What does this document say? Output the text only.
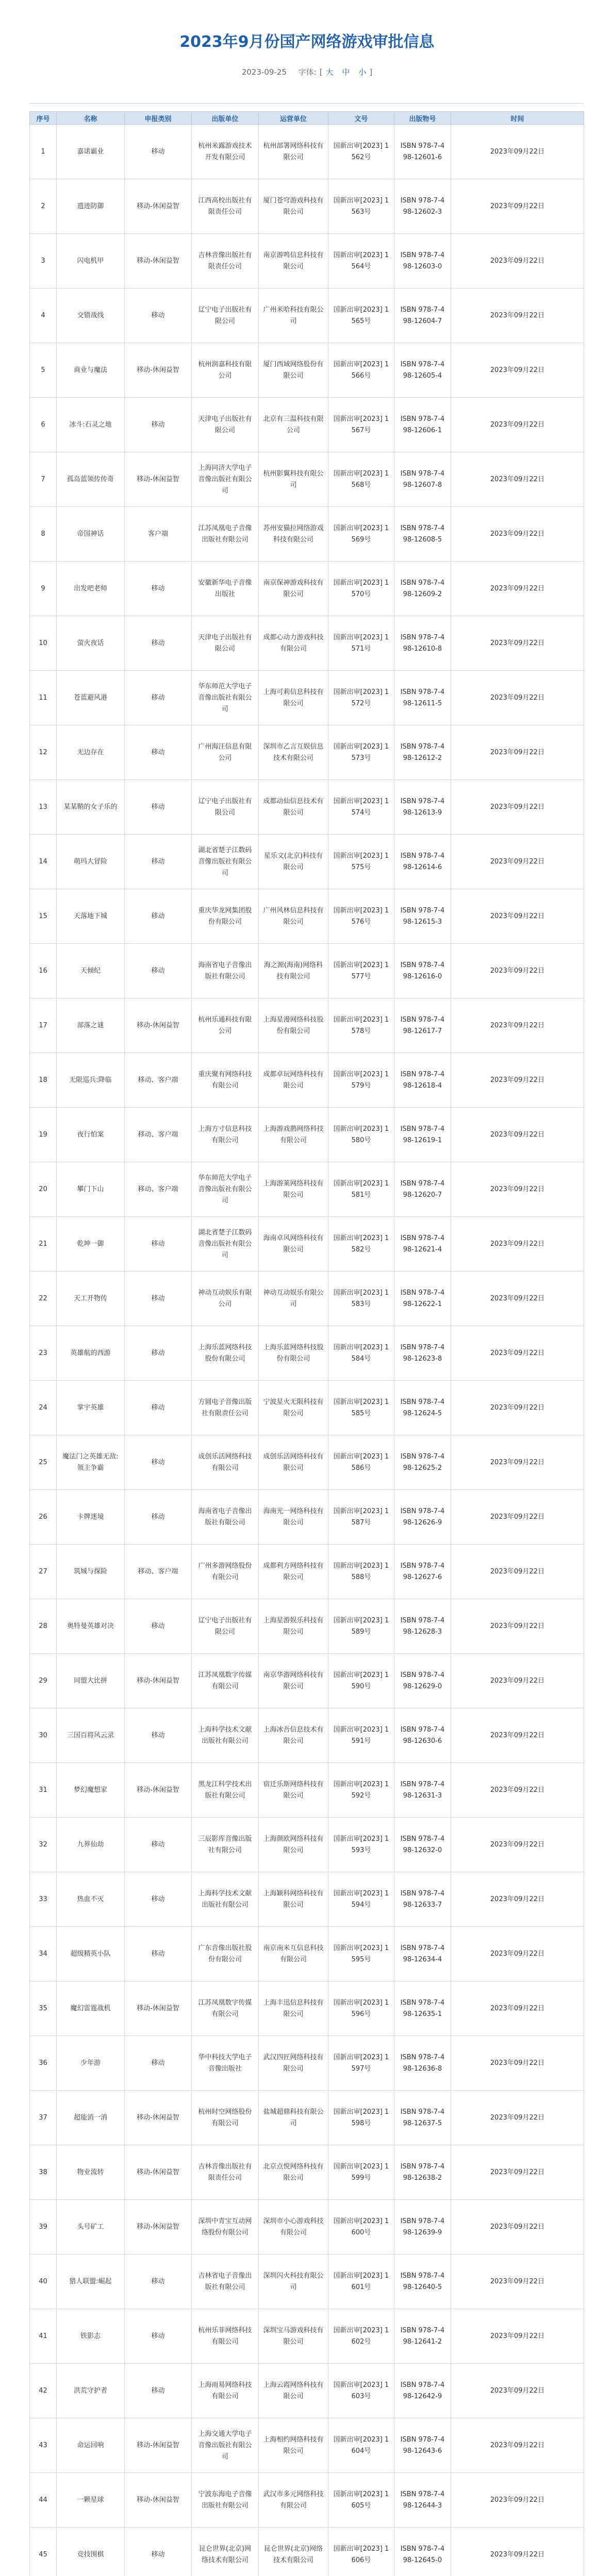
2023年9月份国产网络游戏审批信息
2023-09-25 字体: [ 大 中 小 ]
序号	名称	申报类别	出版单位	运营单位	文号	出版物号	时间
1	嘉诺霸业	移动	杭州米露游戏技术开发有限公司	杭州部署网络科技有限公司	国新出审[2023] 1562号	ISBN 978-7-498-12601-6	2023年09月22日
2	遗迹防御	移动-休闲益智	江西高校出版社有限责任公司	厦门苍穹游戏科技有限公司	国新出审[2023] 1563号	ISBN 978-7-498-12602-3	2023年09月22日
3	闪电机甲	移动-休闲益智	吉林音像出版社有限责任公司	南京游鸣信息科技有限公司	国新出审[2023] 1564号	ISBN 978-7-498-12603-0	2023年09月22日
4	交错战线	移动	辽宁电子出版社有限公司	广州米哈科技有限公司	国新出审[2023] 1565号	ISBN 978-7-498-12604-7	2023年09月22日
5	商业与魔法	移动-休闲益智	杭州润嘉科技有限公司	厦门西域网络股份有限公司	国新出审[2023] 1566号	ISBN 978-7-498-12605-4	2023年09月22日
6	冰斗:石灵之地	移动	天津电子出版社有限公司	北京有三温科技有限公司	国新出审[2023] 1567号	ISBN 978-7-498-12606-1	2023年09月22日
7	孤岛蓝领传传奇	移动-休闲益智	上海同济大学电子音像出版社有限公司	杭州影翼科技有限公司	国新出审[2023] 1568号	ISBN 978-7-498-12607-8	2023年09月22日
8	帝国神话	客户端	江苏凤凰电子音像出版社有限公司	苏州安猫拉网络游戏科技有限公司	国新出审[2023] 1569号	ISBN 978-7-498-12608-5	2023年09月22日
9	出发吧老师	移动	安徽新华电子音像出版社	南京保神游戏科技有限公司	国新出审[2023] 1570号	ISBN 978-7-498-12609-2	2023年09月22日
10	萤火夜话	移动	天津电子出版社有限公司	成都心动力游戏科技有限公司	国新出审[2023] 1571号	ISBN 978-7-498-12610-8	2023年09月22日
11	苍蓝避风港	移动	华东师范大学电子音像出版社有限公司	上海可莉信息科技有限公司	国新出审[2023] 1572号	ISBN 978-7-498-12611-5	2023年09月22日
12	无边存在	移动	广州海汪信息有限公司	深圳市乙言互娱信息技术有限公司	国新出审[2023] 1573号	ISBN 978-7-498-12612-2	2023年09月22日
13	某某鞘的女子乐的	移动	辽宁电子出版社有限公司	成都动仙信息技术有限公司	国新出审[2023] 1574号	ISBN 978-7-498-12613-9	2023年09月22日
14	萌玛大冒险	移动	湖北省楚子江数码音像出版社有限公司	星乐文(北京)科技有限公司	国新出审[2023] 1575号	ISBN 978-7-498-12614-6	2023年09月22日
15	天落地下城	移动	重庆华龙网集团股份有限公司	广州风林信息科技有限公司	国新出审[2023] 1576号	ISBN 978-7-498-12615-3	2023年09月22日
16	天倾纪	移动	海南省电子音像出版社有限公司	海之源(海南)网络科技有限公司	国新出审[2023] 1577号	ISBN 978-7-498-12616-0	2023年09月22日
17	部落之谜	移动-休闲益智	杭州乐通科技有限公司	上海星漫网络科技股份有限公司	国新出审[2023] 1578号	ISBN 978-7-498-12617-7	2023年09月22日
18	无限巡兵:降临	移动、客户端	重庆聚有网络科技有限公司	成都卓玩网络科技有限公司	国新出审[2023] 1579号	ISBN 978-7-498-12618-4	2023年09月22日
19	夜行怕案	移动、客户端	上海方寸信息科技有限公司	上海游戏鹊网络科技有限公司	国新出审[2023] 1580号	ISBN 978-7-498-12619-1	2023年09月22日
20	攀门下山	移动、客户端	华东师范大学电子音像出版社有限公司	上海游莱网络科技有限公司	国新出审[2023] 1581号	ISBN 978-7-498-12620-7	2023年09月22日
21	乾坤一御	移动	湖北省楚子江数码音像出版社有限公司	海南卓风网络科技有限公司	国新出审[2023] 1582号	ISBN 978-7-498-12621-4	2023年09月22日
22	天工开物传	移动	神动互动娱乐有限公司	神动互动娱乐有限公司	国新出审[2023] 1583号	ISBN 978-7-498-12622-1	2023年09月22日
23	英雄航的西游	移动	上海乐蓝网络科技股份有限公司	上海乐蓝网络科技股份有限公司	国新出审[2023] 1584号	ISBN 978-7-498-12623-8	2023年09月22日
24	掌宇英雄	移动	方圆电子音像出版社有限责任公司	宁波星火无限科技有限公司	国新出审[2023] 1585号	ISBN 978-7-498-12624-5	2023年09月22日
25	魔法门之英雄无敌:领主争霸	移动	成创乐活网络科技有限公司	成创乐活网络科技有限公司	国新出审[2023] 1586号	ISBN 978-7-498-12625-2	2023年09月22日
26	卡牌迷境	移动	海南省电子音像出版社有限公司	海南光一网络科技有限公司	国新出审[2023] 1587号	ISBN 978-7-498-12626-9	2023年09月22日
27	筑城与探险	移动、客户端	广州多游网络股份有限公司	成都利方网络科技有限公司	国新出审[2023] 1588号	ISBN 978-7-498-12627-6	2023年09月22日
28	奥特曼英雄对决	移动	辽宁电子出版社有限公司	上海星游娱乐科技有限公司	国新出审[2023] 1589号	ISBN 978-7-498-12628-3	2023年09月22日
29	同盟大比拼	移动-休闲益智	江苏凤凰数字传媒有限公司	南京华游网络科技有限公司	国新出审[2023] 1590号	ISBN 978-7-498-12629-0	2023年09月22日
30	三国百将风云录	移动	上海科学技术文献出版社有限公司	上海冰吾信息技术有限公司	国新出审[2023] 1591号	ISBN 978-7-498-12630-6	2023年09月22日
31	梦幻魔想家	移动-休闲益智	黑龙江科学技术出版社有限公司	宿迁乐斯网络科技有限公司	国新出审[2023] 1592号	ISBN 978-7-498-12631-3	2023年09月22日
32	九界仙劫	移动	三辰影库音像出版社有限公司	上海颜欧网络科技有限公司	国新出审[2023] 1593号	ISBN 978-7-498-12632-0	2023年09月22日
33	热血不灭	移动	上海科学技术文献出版社有限公司	上海颖科网络科技有限公司	国新出审[2023] 1594号	ISBN 978-7-498-12633-7	2023年09月22日
34	超级精英小队	移动	广东音像出版社股份有限公司	南京南米互信息科技有限公司	国新出审[2023] 1595号	ISBN 978-7-498-12634-4	2023年09月22日
35	魔幻雷霆战机	移动-休闲益智	江苏凤凰数字传媒有限公司	上海丰迅信息科技有限公司	国新出审[2023] 1596号	ISBN 978-7-498-12635-1	2023年09月22日
36	少年游	移动	华中科技大学电子音像出版社	武汉四匠网络科技有限公司	国新出审[2023] 1597号	ISBN 978-7-498-12636-8	2023年09月22日
37	超能消一消	移动-休闲益智	杭州时空网络股份有限公司	盐城超鼎科技有限公司	国新出审[2023] 1598号	ISBN 978-7-498-12637-5	2023年09月22日
38	物业流转	移动-休闲益智	吉林音像出版社有限责任公司	北京点悦网络科技有限公司	国新出审[2023] 1599号	ISBN 978-7-498-12638-2	2023年09月22日
39	头号矿工	移动-休闲益智	深圳中青宝互动网络股份有限公司	深圳市小心游戏科技有限公司	国新出审[2023] 1600号	ISBN 978-7-498-12639-9	2023年09月22日
40	猎人联盟:崛起	移动	吉林省电子音像出版社有限公司	深圳闪火科技有限公司	国新出审[2023] 1601号	ISBN 978-7-498-12640-5	2023年09月22日
41	铁影志	移动	杭州乐菲网络科技有限公司	深圳宝马游戏科技有限公司	国新出审[2023] 1602号	ISBN 978-7-498-12641-2	2023年09月22日
42	洪荒守护者	移动	上海雨易网络科技有限公司	上海云霞网络科技有限公司	国新出审[2023] 1603号	ISBN 978-7-498-12642-9	2023年09月22日
43	命运回响	移动-休闲益智	上海交通大学电子音像出版社有限公司	上海相约网络科技有限公司	国新出审[2023] 1604号	ISBN 978-7-498-12643-6	2023年09月22日
44	一颗星球	移动-休闲益智	宁波东海电子音像出版社有限公司	武汉市多元网络科技有限公司	国新出审[2023] 1605号	ISBN 978-7-498-12644-3	2023年09月22日
45	竞技围棋	移动	昆仑世界(北京)网络技术有限公司	昆仑世界(北京)网络技术有限公司	国新出审[2023] 1606号	ISBN 978-7-498-12645-0	2023年09月22日
